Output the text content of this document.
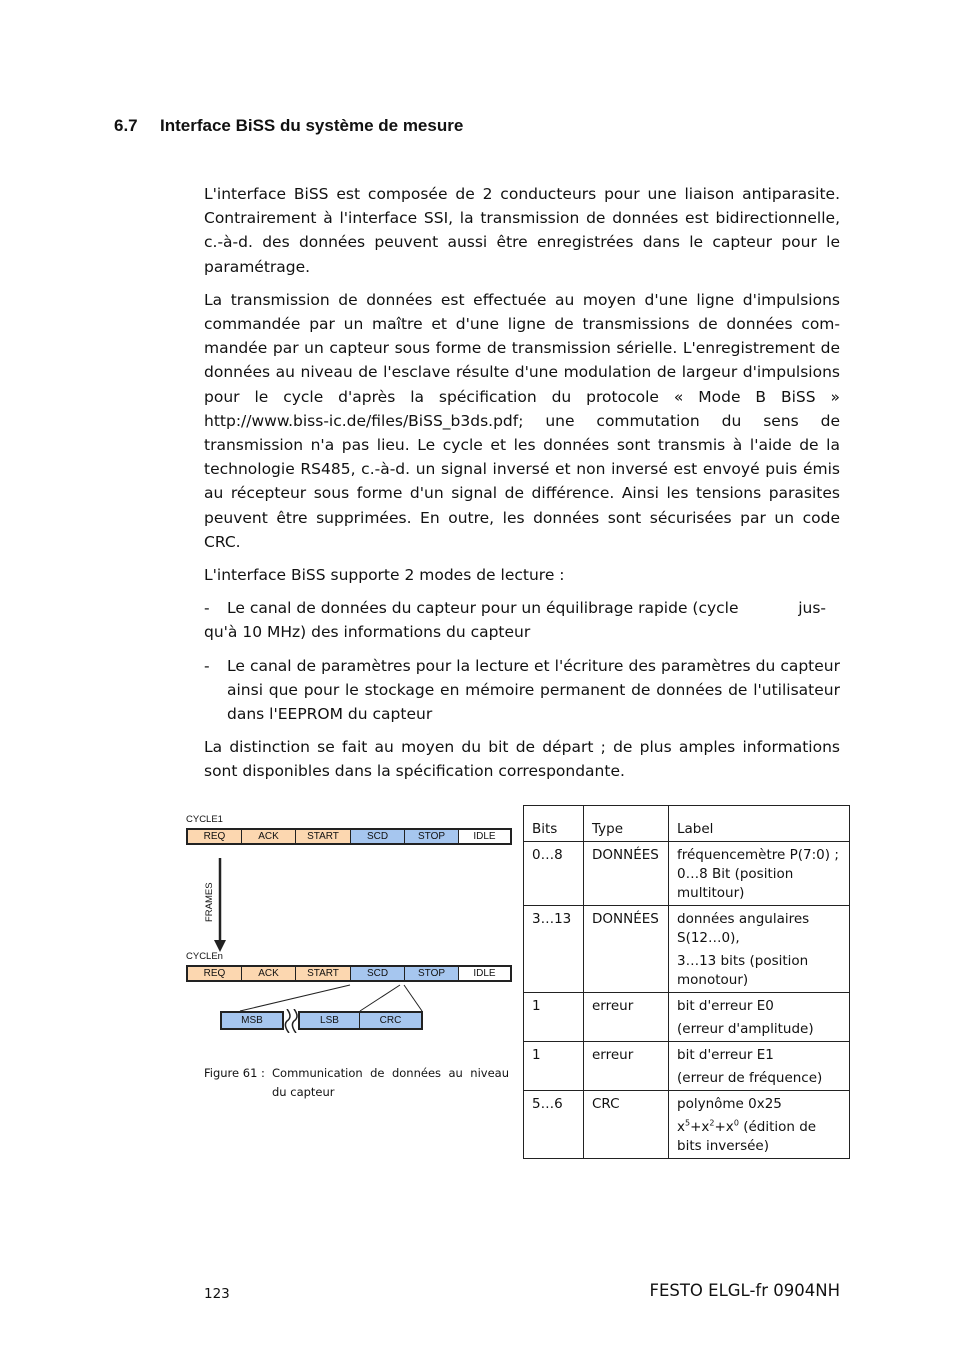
6.7 Interface BiSS du système de mesure

L'interface BiSS est composée de 2 conducteurs pour une liaison antiparasite. Contrairement à l'interface SSI, la transmission de données est bidirectionnelle, c.-à-d. des données peuvent aussi être enregistrées dans le capteur pour le paramétrage.

La transmission de données est effectuée au moyen d'une ligne d'impulsions commandée par un maître et d'une ligne de transmissions de données commandée par un capteur sous forme de transmission sérielle. L'enregistrement de données au niveau de l'esclave résulte d'une modulation de largeur d'impulsions pour le cycle d'après la spécification du protocole « Mode B BiSS » http://www.biss-ic.de/files/BiSS_b3ds.pdf; une commutation du sens de transmission n'a pas lieu. Le cycle et les données sont transmis à l'aide de la technologie RS485, c.-à-d. un signal inversé et non inversé est envoyé puis émis au récepteur sous forme d'un signal de différence. Ainsi les tensions parasites peuvent être supprimées. En outre, les données sont sécurisées par un code CRC.

L'interface BiSS supporte 2 modes de lecture :

-	Le canal de données du capteur pour un équilibrage rapide (cycle	jus-
qu'à 10 MHz) des informations du capteur
- Le canal de paramètres pour la lecture et l'écriture des paramètres du capteur ainsi que pour le stockage en mémoire permanent de données de l'utilisateur dans l'EEPROM du capteur

La distinction se fait au moyen du bit de départ ; de plus amples informations sont disponibles dans la spécification correspondante.

CYCLE1
REQ	ACK	START	SCD	STOP	IDLE
FRAMES
CYCLEn
REQ	ACK	START	SCD	STOP	IDLE
MSB	LSB	CRC
Figure 61 : Communication de données au niveau du capteur
Bits	Type	Label
0…8	DONNÉES	fréquencemètre P(7:0) ; 0…8 Bit (position multitour)
3…13	DONNÉES	données angulaires S(12…0),
3…13 bits (position monotour)

1	erreur	bit d'erreur E0
(erreur d'amplitude)

1	erreur	bit d'erreur E1
(erreur de fréquence)

5…6	CRC	polynôme 0x25
$x^5+x^2+x^0$ (édition de bits inversée)
123	FESTO ELGL-fr 0904NH
